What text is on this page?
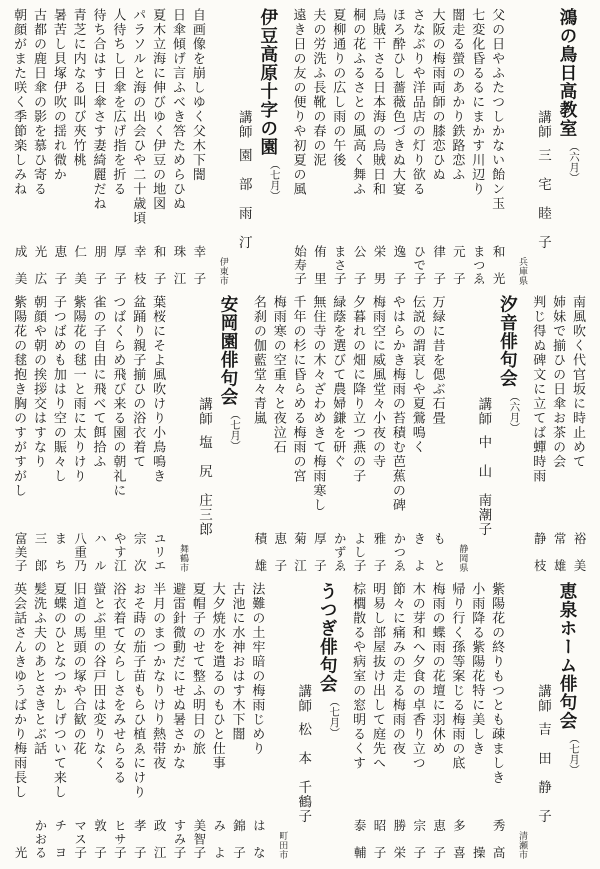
鴻の鳥日高教室
（六月）
講師
三　宅　睦　子
兵庫県
父の日やふたつしかない飴ン玉
和　光
七変化昏るるにまかす川辺り
まつゑ
闇走る螢のあかり鉄路恋ふ
元　子
大阪の梅雨両師の膝恋ひぬ
律　子
さなぶりや洋品店の灯り欲る
ひで子
ほろ酔ひし薔薇色づきぬ大宴
逸　子
烏賊干さる日本海の烏賊日和
栄　男
桐の花ふるさとの風高く舞ふ
公　子
夏柳通りの広し雨の午後
まさ子
夫の労洗ふ長靴の春の泥
侑　里
遠き日の友の便りや初夏の風
始寿子
伊豆高原十字の園
（七月）
講師
園　部　雨　汀
伊東市
自画像を崩しゆく父木下闇
幸　子
日傘傾げ言ふべき答ためらひぬ
珠　江
夏木立海に伸びゆく伊豆の地図
和　子
パラソルと海の出会ひや二十歳頃
幸　枝
人待ちし日傘を広げ指を折る
厚　子
待ち合はす日傘さす妻綺麗だね
朋　子
青芝に内なる叫び夾竹桃
仁　美
暑苦し貝塚伊吹の揺れ微か
恵　子
古都の鹿日傘の影を慕ひ寄る
光　広
朝顔がまた咲く季節楽しみね
成　美
南風吹く代官坂に時止めて
裕　美
姉妹で揃ひの日傘お茶の会
常　雄
判じ得ぬ碑文に立てば蟬時雨
静　枝
汐音俳句会
（六月）
講師
中　山　南潮子
静岡県
万緑に昔を偲ぶ石畳
も　と
伝説の謂哀しや夏鶯鳴く
き　よ
やはらかき梅雨の苔積む芭蕉の碑
かつゑ
梅雨空に威風堂々小夜の寺
雅　子
夕暮れの畑に降り立つ燕の子
よし子
緑蔭を選びて農婦鎌を研ぐ
かずゑ
無住寺の木々ざわめきて梅雨寒し
厚　子
千年の杉に昏らめる梅雨の宮
菊　江
梅雨寒の空重々と夜泣石
恵　子
名刹の伽藍堂々青嵐
積　雄
安岡園俳句会
（七月）
講師
塩　尻　庄三郎
舞鶴市
葉桜にそよ風吹けり小鳥鳴き
ユリエ
盆踊り親子揃ひの浴衣着て
宗　次
つばくらめ飛び来る園の朝礼に
やす江
雀の子自由に飛べて餌拾ふ
ハ　ル
紫陽花の毬一と雨に太りけり
八重乃
子つばめも加はり空の賑々し
ま　ち
朝顔や朝の挨拶交はすなり
三　郎
紫陽花の毬抱き胸のすがすがし
富美子
恵泉ホーム俳句会
（七月）
講師
吉　田　静　子
清瀬市
紫陽花の終りもつとも疎ましき
秀　高
小雨降る紫陽花特に美しき
操
帰り行く孫等案じる梅雨の底
多　喜
梅雨の蝶雨の花壇に羽休め
恵　子
木の芽和へ夕食の卓香り立つ
宗　子
節々に痛みの走る梅雨の夜
勝　栄
明易し部屋抜け出して庭先へ
昭　子
棕櫚散るや病室の窓明るくす
泰　輔
うつぎ俳句会
（七月）
講師
松　本　千鶴子
町田市
法難の土牢暗の梅雨じめり
は　な
古池に水神おはす木下闇
錦　子
大夕焼水を遣るのもひと仕事
み　よ
夏帽子のせて整ふ明日の旅
美智子
避雷針微動だにせぬ暑さかな
すみ子
半月のまつかなりけり熱帯夜
政　江
おそ蒔の茄子苗もらひ植ゑにけり
孝　子
浴衣着て女らしさをみせらるる
ヒサ子
螢とぶ里の谷戸田は変りなく
敦　子
旧道の馬頭の塚や合歓の花
マス子
夏蝶のひとなつかしげついて来し
チ　ヨ
髪洗ふ夫のあとさきとぶ話
かおる
英会話さんきゆうばかり梅雨長し
光
